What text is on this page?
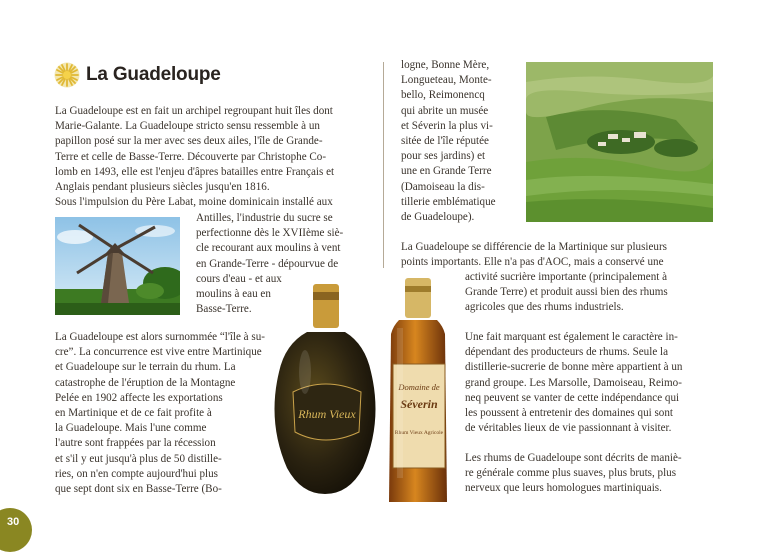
La Guadeloupe
La Guadeloupe est en fait un archipel regroupant huit îles dont
Marie-Galante. La Guadeloupe stricto sensu ressemble à un
papillon posé sur la mer avec ses deux ailes, l'île de Grande-
Terre et celle de Basse-Terre. Découverte par Christophe Co-
lomb en 1493, elle est l'enjeu d'âpres batailles entre Français et
Anglais pendant plusieurs siècles jusqu'en 1816.
Sous l'impulsion du Père Labat, moine dominicain installé aux
Antilles, l'industrie du sucre se
perfectionne dès le XVIIème siè-
cle recourant aux moulins à vent
en Grande-Terre - dépourvue de
cours d'eau - et aux
moulins à eau en
Basse-Terre.
La Guadeloupe est alors surnommée “l'île à su-
cre”. La concurrence est vive entre Martinique
et Guadeloupe sur le terrain du rhum. La
catastrophe de l'éruption de la Montagne
Pelée en 1902 affecte les exportations
en Martinique et de ce fait profite à
la Guadeloupe. Mais l'une comme
l'autre sont frappées par la récession
et s'il y eut jusqu'à plus de 50 distille-
ries, on n'en compte aujourd'hui plus
que sept dont six en Basse-Terre (Bo-
logne, Bonne Mère,
Longueteau, Monte-
bello, Reimonencq
qui abrite un musée
et Séverin la plus vi-
sitée de l'île réputée
pour ses jardins) et
une en Grande Terre
(Damoiseau la dis-
tillerie emblématique
de Guadeloupe).
La Guadeloupe se différencie de la Martinique sur plusieurs
points importants. Elle n'a pas d'AOC, mais a conservé une
activité sucrière importante (principalement à
Grande Terre) et produit aussi bien des rhums
agricoles que des rhums industriels.
Une fait marquant est également le caractère in-
dépendant des producteurs de rhums. Seule la
distillerie-sucrerie de bonne mère appartient à un
grand groupe. Les Marsolle, Damoiseau, Reimo-
neq peuvent se vanter de cette indépendance qui
les poussent à entretenir des domaines qui sont
de véritables lieux de vie passionnant à visiter.
Les rhums de Guadeloupe sont décrits de maniè-
re générale comme plus suaves, plus bruts, plus
nerveux que leurs homologues martiniquais.
Rhum Vieux
Domaine de
Séverin
Rhum Vieux Agricole
30
